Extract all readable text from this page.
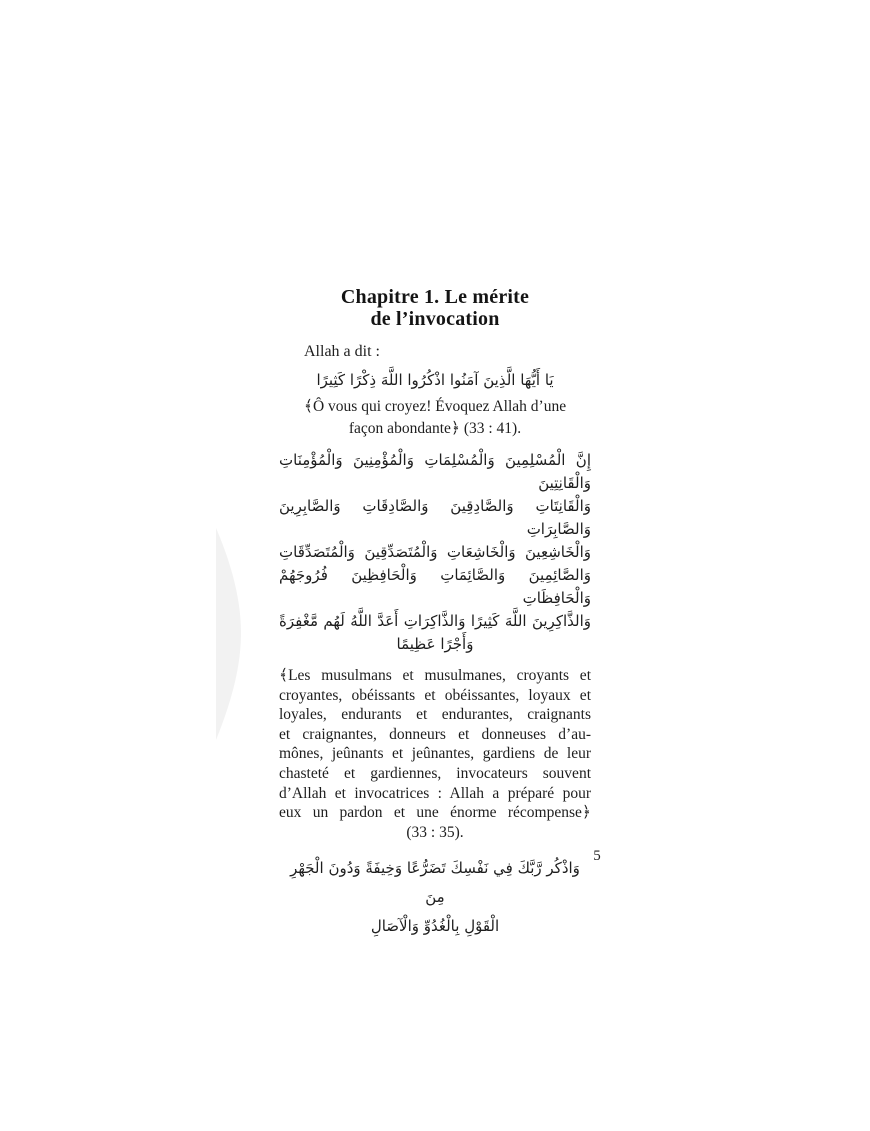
Chapitre 1. Le mérite
de l’invocation

Allah a dit :

يَا أَيُّهَا الَّذِينَ آمَنُوا اذْكُرُوا اللَّهَ ذِكْرًا كَثِيرًا
﴾Ô vous qui croyez! Évoquez Allah d’une
façon abondante﴿ (33 : 41).
إِنَّ الْمُسْلِمِينَ وَالْمُسْلِمَاتِ وَالْمُؤْمِنِينَ وَالْمُؤْمِنَاتِ وَالْقَانِتِينَ
وَالْقَانِتَاتِ وَالصَّادِقِينَ وَالصَّادِقَاتِ وَالصَّابِرِينَ وَالصَّابِرَاتِ
وَالْخَاشِعِينَ وَالْخَاشِعَاتِ وَالْمُتَصَدِّقِينَ وَالْمُتَصَدِّقَاتِ
وَالصَّائِمِينَ وَالصَّائِمَاتِ وَالْحَافِظِينَ فُرُوجَهُمْ وَالْحَافِظَاتِ
وَالذَّاكِرِينَ اللَّهَ كَثِيرًا وَالذَّاكِرَاتِ أَعَدَّ اللَّهُ لَهُم مَّغْفِرَةً
وَأَجْرًا عَظِيمًا
﴾Les musulmans et musulmanes, croyants et
croyantes, obéissants et obéissantes, loyaux et
loyales, endurants et endurantes, craignants
et craignantes, donneurs et donneuses d’au-
mônes, jeûnants et jeûnantes, gardiens de leur
chasteté et gardiennes, invocateurs souvent
d’Allah et invocatrices : Allah a préparé pour
eux un pardon et une énorme récompense﴿
(33 : 35).
وَاذْكُر رَّبَّكَ فِي نَفْسِكَ تَضَرُّعًا وَخِيفَةً وَدُونَ الْجَهْرِ مِنَ
الْقَوْلِ بِالْغُدُوِّ وَالْآصَالِ
5
